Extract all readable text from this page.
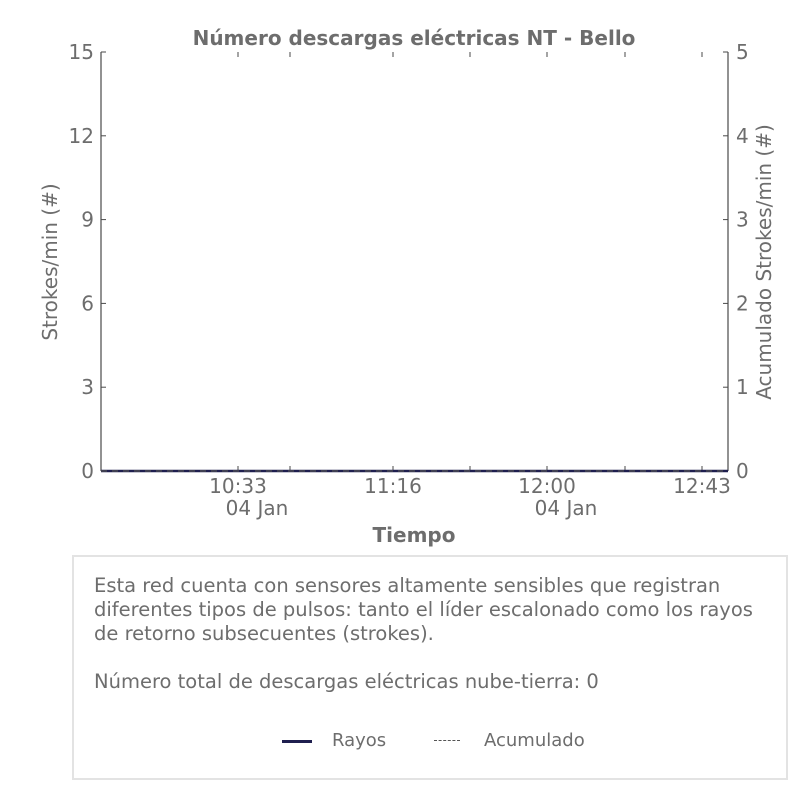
Número descargas eléctricas NT - Bello
0
3
6
9
12
15
0
1
2
3
4
5
10:33
04 Jan
11:16	12:00
04 Jan
12:43
Tiempo
Strokes/min (#)	Acumulado Strokes/min (#)

Esta red cuenta con sensores altamente sensibles que registran diferentes tipos de pulsos: tanto el líder escalonado como los rayos de retorno subsecuentes (strokes).

Número total de descargas eléctricas nube-tierra: 0

Rayos	Acumulado
